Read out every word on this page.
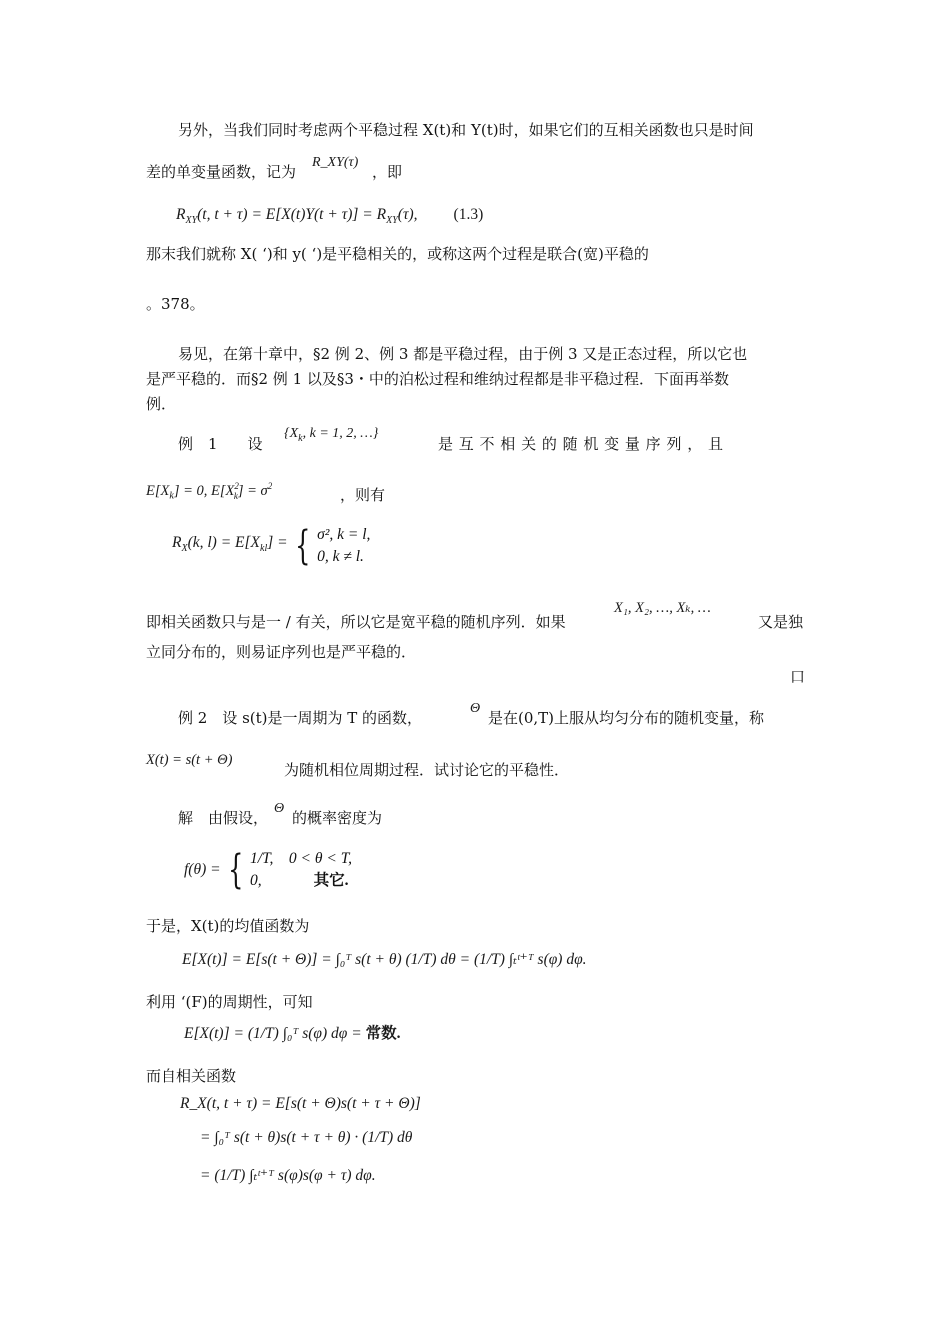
另外，当我们同时考虑两个平稳过程 X(t)和 Y(t)时，如果它们的互相关函数也只是时间
差的单变量函数，记为
R_XY(τ)
，即
$R_{XY}(t$, $t + \tau) = E[X(t)Y(t + \tau)] = R_{XY}(\tau)$, (1.3)
那末我们就称 X( ‘)和 y( ‘)是平稳相关的，或称这两个过程是联合(宽)平稳的
。378。
易见，在第十章中，§2 例 2、例 3 都是平稳过程，由于例 3 又是正态过程，所以它也
是严平稳的．而§2 例 1 以及§3・中的泊松过程和维纳过程都是非平稳过程．下面再举数
例．
例　1　　设
{$X_k$, k = 1, 2, …}
是 互 不 相 关 的 随 机 变 量 序 列 ， 且
$E[X_k] = 0$, $E[X^2_k] = \sigma^2$	，则有
$R_X(k$, $l) = E[X_{kl}]$ = { σ², k = l,
0, k ≠ l.
即相关函数只与是一 / 有关，所以它是宽平稳的随机序列．如果
X₁, X₂, …, Xₖ, …
又是独
立同分布的，则易证序列也是严平稳的．
口
例 2　设 s(t)是一周期为 T 的函数，
Θ
是在(0,T)上服从均匀分布的随机变量，称
X(t) = s(t + Θ)
为随机相位周期过程．试讨论它的平稳性．
解　由假设，
Θ
的概率密度为
f(θ) = { 1/T,　0 < θ < T,
0,	其它.
于是，X(t)的均值函数为
E[X(t)] = E[s(t + Θ)] = ∫₀ᵀ s(t + θ) (1/T) dθ = (1/T) ∫ₜᵗ⁺ᵀ s(φ) dφ.
利用 ‘(F)的周期性，可知
E[X(t)] = (1/T) ∫₀ᵀ s(φ) dφ = 常数.
而自相关函数
R_X(t, t + τ) = E[s(t + Θ)s(t + τ + Θ)]
= ∫₀ᵀ s(t + θ)s(t + τ + θ) · (1/T) dθ
= (1/T) ∫ₜᵗ⁺ᵀ s(φ)s(φ + τ) dφ.
